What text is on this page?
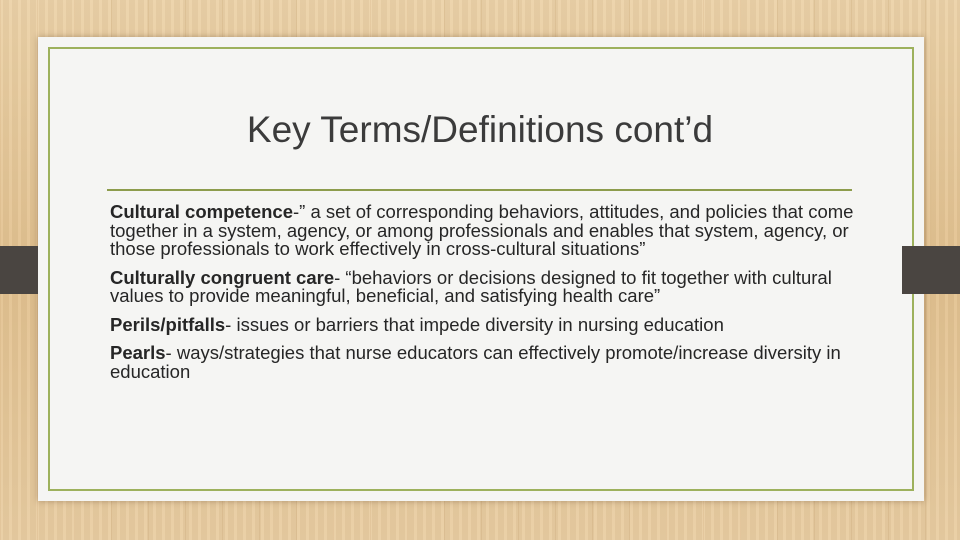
Key Terms/Definitions cont’d
Cultural competence-” a set of corresponding behaviors, attitudes, and policies that come together in a system, agency, or among professionals and enables that system, agency, or those professionals to work effectively in cross-cultural situations”
Culturally congruent care- “behaviors or decisions designed to fit together with cultural values to provide meaningful, beneficial, and satisfying health care”
Perils/pitfalls- issues or barriers that impede diversity in nursing education
Pearls- ways/strategies that nurse educators can effectively promote/increase diversity in education
